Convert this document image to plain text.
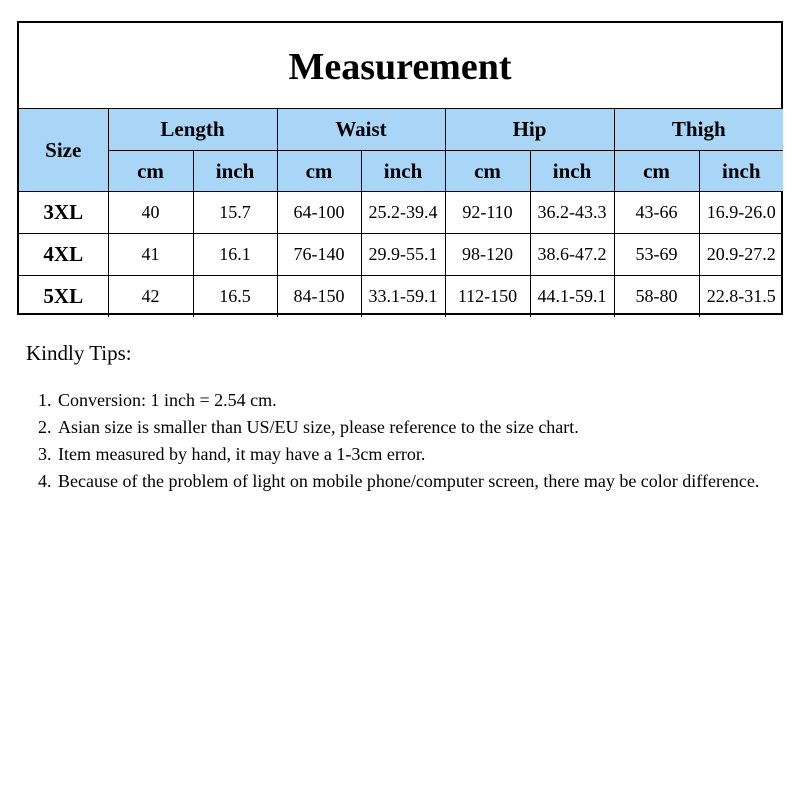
Measurement
Size	Length		Waist		Hip		Thigh	
	cm	inch	cm	inch	cm	inch	cm	inch
3XL	40	15.7	64-100	25.2-39.4	92-110	36.2-43.3	43-66	16.9-26.0
4XL	41	16.1	76-140	29.9-55.1	98-120	38.6-47.2	53-69	20.9-27.2
5XL	42	16.5	84-150	33.1-59.1	112-150	44.1-59.1	58-80	22.8-31.5
Kindly Tips:
1. Conversion: 1 inch = 2.54 cm.
2. Asian size is smaller than US/EU size, please reference to the size chart.
3. Item measured by hand, it may have a 1-3cm error.
4. Because of the problem of light on mobile phone/computer screen, there may be color difference.
